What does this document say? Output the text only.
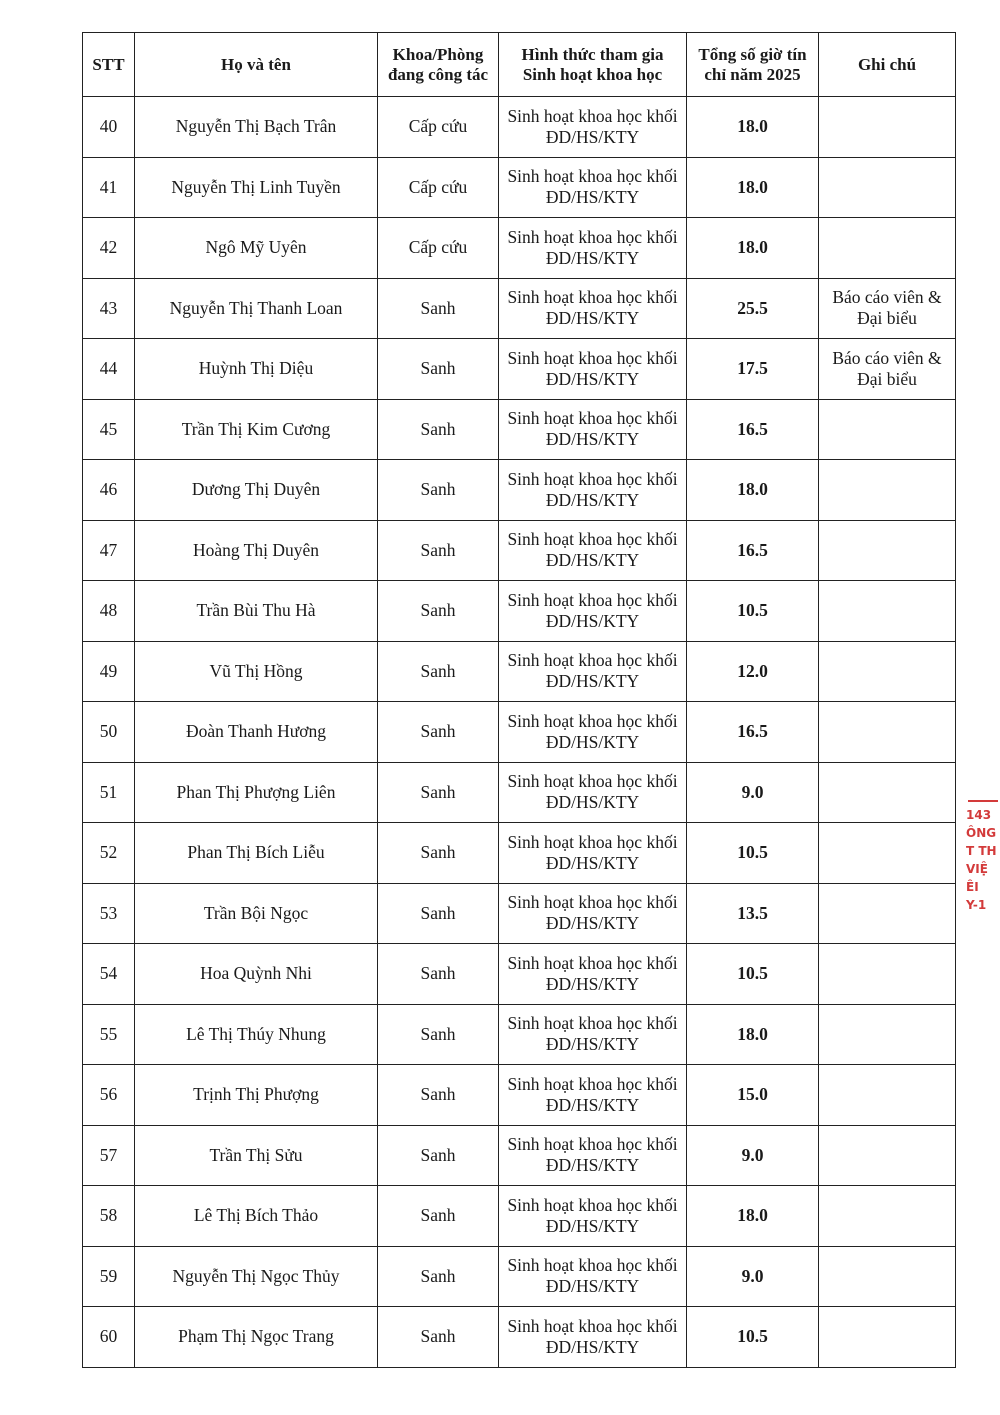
STT	Họ và tên	Khoa/Phòng đang công tác	Hình thức tham gia Sinh hoạt khoa học	Tổng số giờ tín chỉ năm 2025	Ghi chú
40	Nguyễn Thị Bạch Trân	Cấp cứu	Sinh hoạt khoa học khối ĐD/HS/KTY	18.0	
41	Nguyễn Thị Linh Tuyền	Cấp cứu	Sinh hoạt khoa học khối ĐD/HS/KTY	18.0	
42	Ngô Mỹ Uyên	Cấp cứu	Sinh hoạt khoa học khối ĐD/HS/KTY	18.0	
43	Nguyễn Thị Thanh Loan	Sanh	Sinh hoạt khoa học khối ĐD/HS/KTY	25.5	Báo cáo viên & Đại biểu
44	Huỳnh Thị Diệu	Sanh	Sinh hoạt khoa học khối ĐD/HS/KTY	17.5	Báo cáo viên & Đại biểu
45	Trần Thị Kim Cương	Sanh	Sinh hoạt khoa học khối ĐD/HS/KTY	16.5	
46	Dương Thị Duyên	Sanh	Sinh hoạt khoa học khối ĐD/HS/KTY	18.0	
47	Hoàng Thị Duyên	Sanh	Sinh hoạt khoa học khối ĐD/HS/KTY	16.5	
48	Trần Bùi Thu Hà	Sanh	Sinh hoạt khoa học khối ĐD/HS/KTY	10.5	
49	Vũ Thị Hồng	Sanh	Sinh hoạt khoa học khối ĐD/HS/KTY	12.0	
50	Đoàn Thanh Hương	Sanh	Sinh hoạt khoa học khối ĐD/HS/KTY	16.5	
51	Phan Thị Phượng Liên	Sanh	Sinh hoạt khoa học khối ĐD/HS/KTY	9.0	
52	Phan Thị Bích Liễu	Sanh	Sinh hoạt khoa học khối ĐD/HS/KTY	10.5	
53	Trần Bội Ngọc	Sanh	Sinh hoạt khoa học khối ĐD/HS/KTY	13.5	
54	Hoa Quỳnh Nhi	Sanh	Sinh hoạt khoa học khối ĐD/HS/KTY	10.5	
55	Lê Thị Thúy Nhung	Sanh	Sinh hoạt khoa học khối ĐD/HS/KTY	18.0	
56	Trịnh Thị Phượng	Sanh	Sinh hoạt khoa học khối ĐD/HS/KTY	15.0	
57	Trần Thị Sửu	Sanh	Sinh hoạt khoa học khối ĐD/HS/KTY	9.0	
58	Lê Thị Bích Thảo	Sanh	Sinh hoạt khoa học khối ĐD/HS/KTY	18.0	
59	Nguyễn Thị Ngọc Thủy	Sanh	Sinh hoạt khoa học khối ĐD/HS/KTY	9.0	
60	Phạm Thị Ngọc Trang	Sanh	Sinh hoạt khoa học khối ĐD/HS/KTY	10.5	
143
ÔNG
T TH
VIỆ
ÊI
Y-1
